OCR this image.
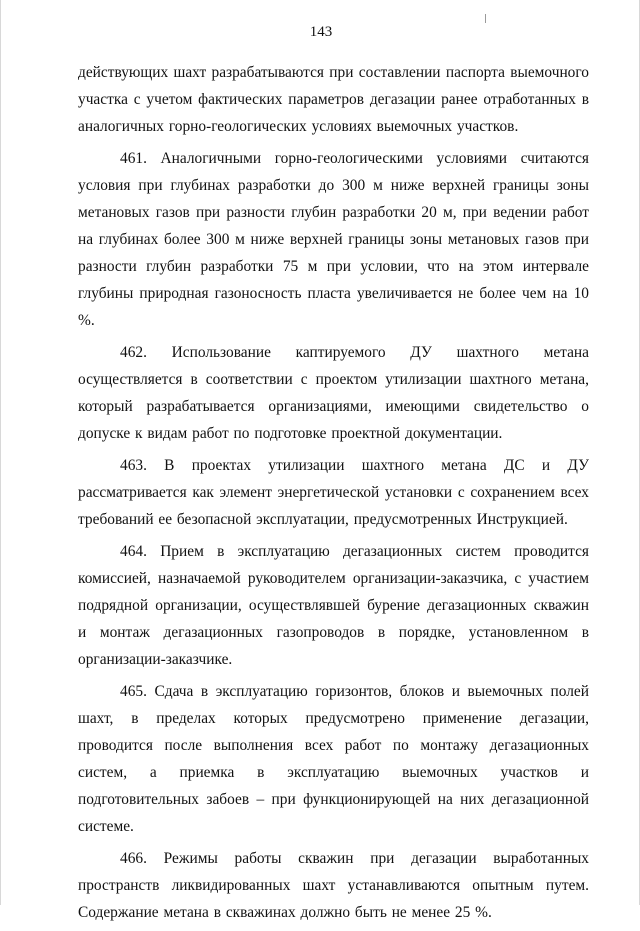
143

действующих шахт разрабатываются при составлении паспорта выемочного участка с учетом фактических параметров дегазации ранее отработанных в аналогичных горно-геологических условиях выемочных участков.

461. Аналогичными горно-геологическими условиями считаются условия при глубинах разработки до 300 м ниже верхней границы зоны метановых газов при разности глубин разработки 20 м, при ведении работ на глубинах более 300 м ниже верхней границы зоны метановых газов при разности глубин разработки 75 м при условии, что на этом интервале глубины природная газоносность пласта увеличивается не более чем на 10 %.

462. Использование каптируемого ДУ шахтного метана осуществляется в соответствии с проектом утилизации шахтного метана, который разрабатывается организациями, имеющими свидетельство о допуске к видам работ по подготовке проектной документации.

463. В проектах утилизации шахтного метана ДС и ДУ рассматривается как элемент энергетической установки с сохранением всех требований ее безопасной эксплуатации, предусмотренных Инструкцией.

464. Прием в эксплуатацию дегазационных систем проводится комиссией, назначаемой руководителем организации-заказчика, с участием подрядной организации, осуществлявшей бурение дегазационных скважин и монтаж дегазационных газопроводов в порядке, установленном в организации-заказчике.

465. Сдача в эксплуатацию горизонтов, блоков и выемочных полей шахт, в пределах которых предусмотрено применение дегазации, проводится после выполнения всех работ по монтажу дегазационных систем, а приемка в эксплуатацию выемочных участков и подготовительных забоев – при функционирующей на них дегазационной системе.

466. Режимы работы скважин при дегазации выработанных пространств ликвидированных шахт устанавливаются опытным путем. Содержание метана в скважинах должно быть не менее 25 %.
